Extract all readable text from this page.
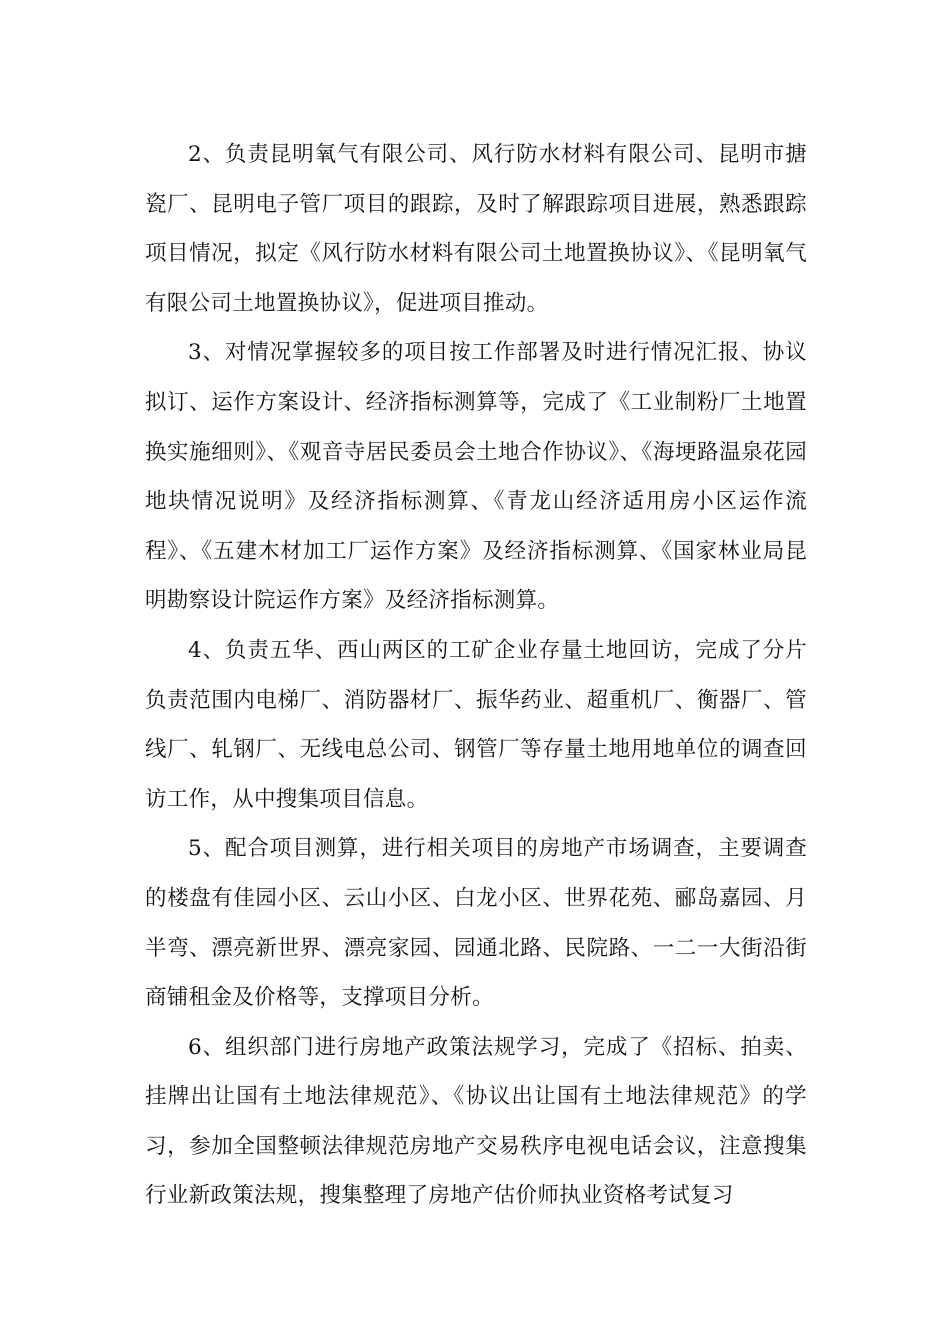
2、负责昆明氧气有限公司、风行防水材料有限公司、昆明市搪瓷厂、昆明电子管厂项目的跟踪，及时了解跟踪项目进展，熟悉跟踪项目情况，拟定《风行防水材料有限公司土地置换协议》、《昆明氧气有限公司土地置换协议》，促进项目推动。

3、对情况掌握较多的项目按工作部署及时进行情况汇报、协议拟订、运作方案设计、经济指标测算等，完成了《工业制粉厂土地置换实施细则》、《观音寺居民委员会土地合作协议》、《海埂路温泉花园地块情况说明》及经济指标测算、《青龙山经济适用房小区运作流程》、《五建木材加工厂运作方案》及经济指标测算、《国家林业局昆明勘察设计院运作方案》及经济指标测算。

4、负责五华、西山两区的工矿企业存量土地回访，完成了分片负责范围内电梯厂、消防器材厂、振华药业、超重机厂、衡器厂、管线厂、轧钢厂、无线电总公司、钢管厂等存量土地用地单位的调查回访工作，从中搜集项目信息。

5、配合项目测算，进行相关项目的房地产市场调查，主要调查的楼盘有佳园小区、云山小区、白龙小区、世界花苑、郦岛嘉园、月半弯、漂亮新世界、漂亮家园、园通北路、民院路、一二一大街沿街商铺租金及价格等，支撑项目分析。

6、组织部门进行房地产政策法规学习，完成了《招标、拍卖、挂牌出让国有土地法律规范》、《协议出让国有土地法律规范》的学习，参加全国整顿法律规范房地产交易秩序电视电话会议，注意搜集行业新政策法规，搜集整理了房地产估价师执业资格考试复习
